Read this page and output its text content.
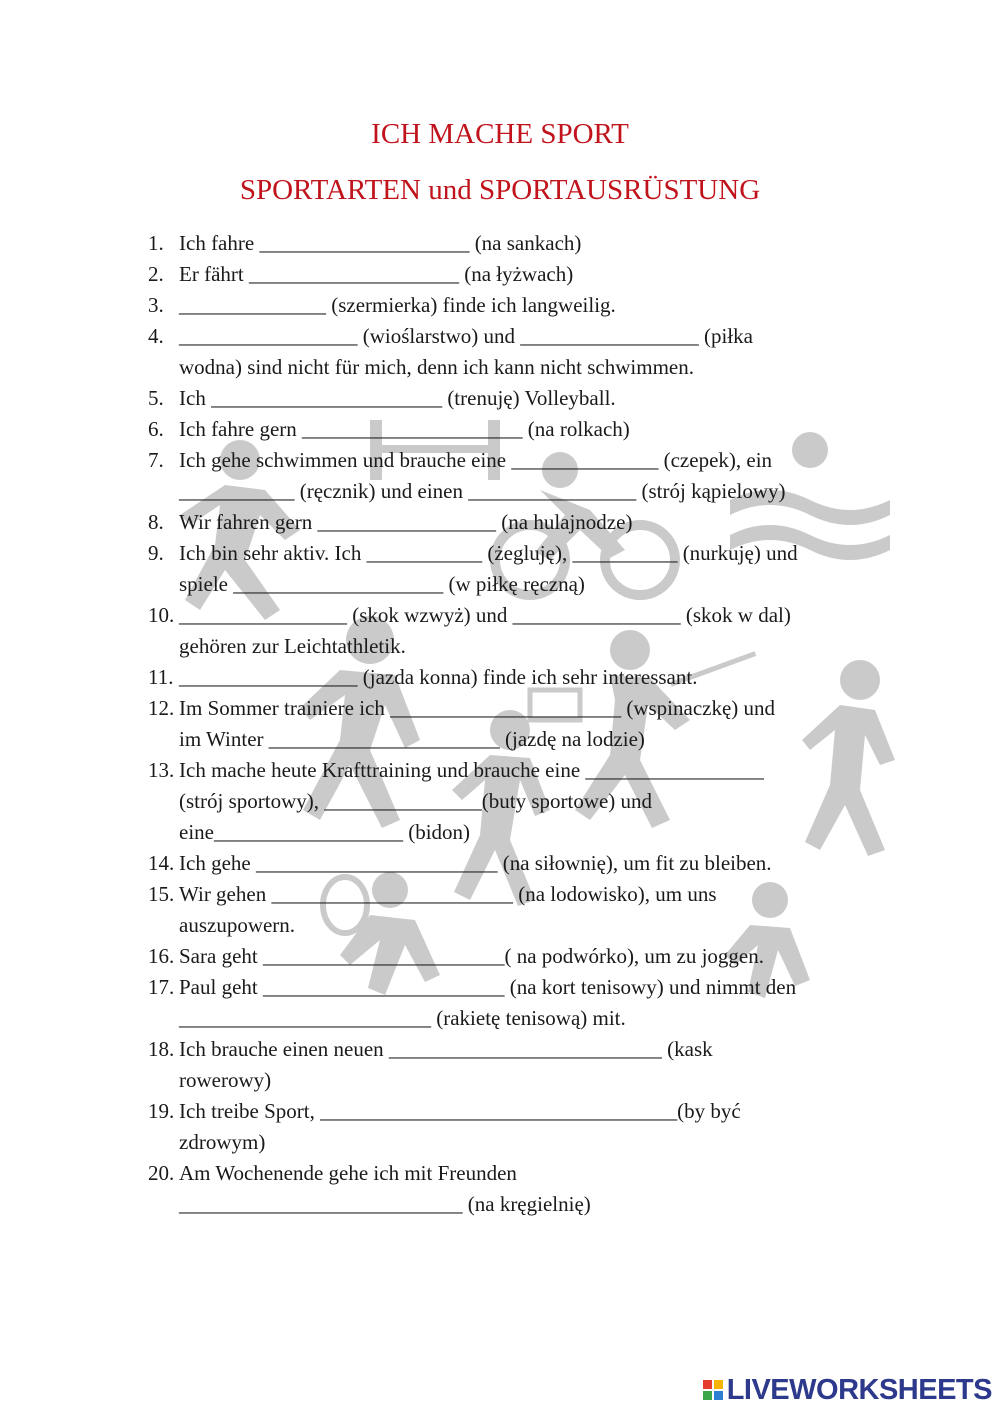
ICH MACHE SPORT
SPORTARTEN und SPORTAUSRÜSTUNG
1. Ich fahre ____________________ (na sankach)
2. Er fährt ____________________ (na łyżwach)
3. ______________ (szermierka) finde ich langweilig.
4. _________________ (wioślarstwo) und _________________ (piłka
wodna) sind nicht für mich, denn ich kann nicht schwimmen.
5. Ich ______________________ (trenuję) Volleyball.
6. Ich fahre gern _____________________ (na rolkach)
7. Ich gehe schwimmen und brauche eine ______________ (czepek), ein
___________ (ręcznik) und einen ________________ (strój kąpielowy)
8. Wir fahren gern _________________ (na hulajnodze)
9. Ich bin sehr aktiv. Ich ___________ (żegluję), __________ (nurkuję) und
spiele ____________________ (w piłkę ręczną)
10. ________________ (skok wzwyż) und ________________ (skok w dal)
gehören zur Leichtathletik.
11. _________________ (jazda konna) finde ich sehr interessant.
12. Im Sommer trainiere ich ______________________ (wspinaczkę) und
im Winter ______________________ (jazdę na lodzie)
13. Ich mache heute Krafttraining und brauche eine _________________
(strój sportowy), _______________(buty sportowe) und
eine__________________ (bidon)
14. Ich gehe _______________________ (na siłownię), um fit zu bleiben.
15. Wir gehen _______________________ (na lodowisko), um uns
auszupowern.
16. Sara geht _______________________( na podwórko), um zu joggen.
17. Paul geht _______________________ (na kort tenisowy) und nimmt den
________________________ (rakietę tenisową) mit.
18. Ich brauche einen neuen __________________________ (kask
rowerowy)
19. Ich treibe Sport, __________________________________(by być
zdrowym)
20. Am Wochenende gehe ich mit Freunden
___________________________ (na kręgielnię)
LIVEWORKSHEETS
